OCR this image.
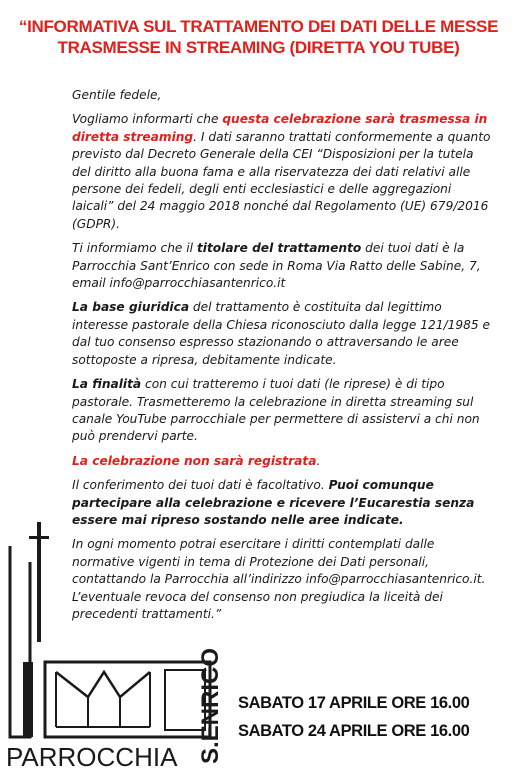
“INFORMATIVA SUL TRATTAMENTO DEI DATI DELLE MESSE
TRASMESSE IN STREAMING (DIRETTA YOU TUBE)

Gentile fedele,

Vogliamo informarti che questa celebrazione sarà trasmessa in diretta streaming. I dati saranno trattati conformemente a quanto previsto dal Decreto Generale della CEI “Disposizioni per la tutela del diritto alla buona fama e alla riservatezza dei dati relativi alle persone dei fedeli, degli enti ecclesiastici e delle aggregazioni laicali” del 24 maggio 2018 nonché dal Regolamento (UE) 679/2016 (GDPR).

Ti informiamo che il titolare del trattamento dei tuoi dati è la Parrocchia Sant’Enrico con sede in Roma Via Ratto delle Sabine, 7, email info@parrocchiasantenrico.it

La base giuridica del trattamento è costituita dal legittimo interesse pastorale della Chiesa riconosciuto dalla legge 121/1985 e dal tuo consenso espresso stazionando o attraversando le aree sottoposte a ripresa, debitamente indicate.

La finalità con cui tratteremo i tuoi dati (le riprese) è di tipo pastorale. Trasmetteremo la celebrazione in diretta streaming sul canale YouTube parrocchiale per permettere di assistervi a chi non può prendervi parte.

La celebrazione non sarà registrata.

Il conferimento dei tuoi dati è facoltativo. Puoi comunque partecipare alla celebrazione e ricevere l’Eucarestia senza essere mai ripreso sostando nelle aree indicate.

In ogni momento potrai esercitare i diritti contemplati dalle normative vigenti in tema di Protezione dei Dati personali, contattando la Parrocchia all’indirizzo info@parrocchiasantenrico.it. L’eventuale revoca del consenso non pregiudica la liceità dei precedenti trattamenti.”

PARROCCHIA S.ENRICO SABATO 17 APRILE ORE 16.00
SABATO 24 APRILE ORE 16.00
